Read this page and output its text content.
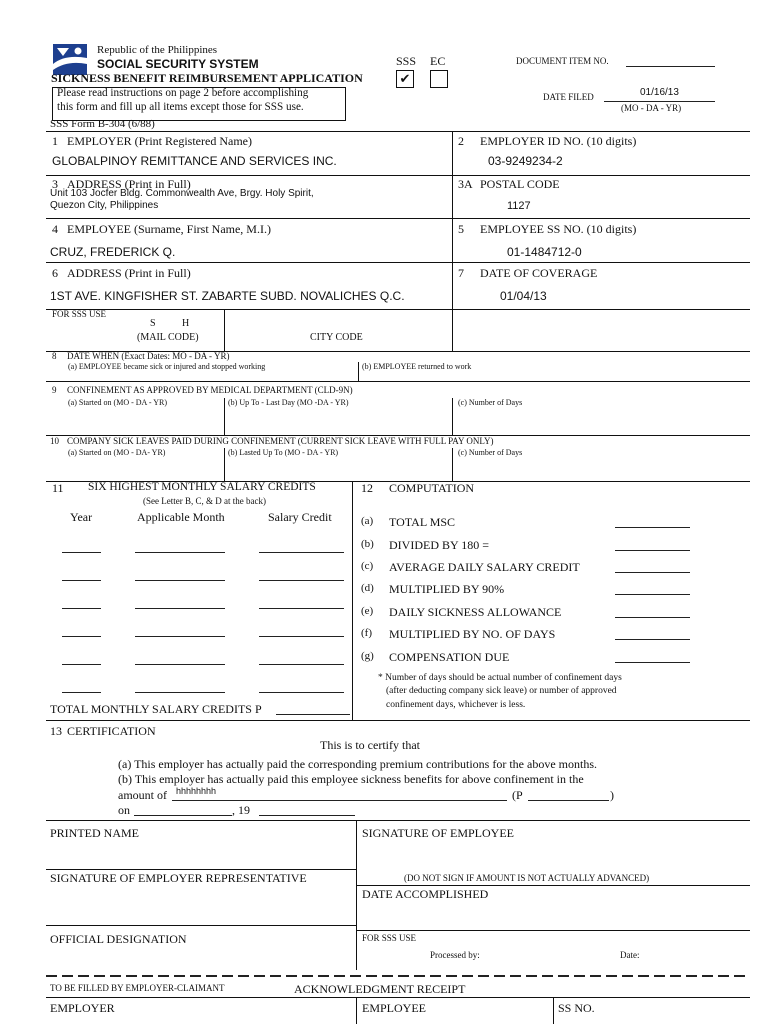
Republic of the Philippines
SOCIAL SECURITY SYSTEM
SICKNESS BENEFIT REIMBURSEMENT APPLICATION
SSS EC
✔
DOCUMENT ITEM NO.
Please read instructions on page 2 before accomplishing
this form and fill up all items except those for SSS use.
01/16/13
DATE FILED
(MO - DA - YR)
SSS Form B-304 (6/88)
1 EMPLOYER (Print Registered Name)
GLOBALPINOY REMITTANCE AND SERVICES INC.
2 EMPLOYER ID NO. (10 digits)
03-9249234-2
3 ADDRESS (Print in Full)
Unit 103 Jocfer Bldg. Commonwealth Ave, Brgy. Holy Spirit,
Quezon City, Philippines
3A POSTAL CODE
1127
4 EMPLOYEE (Surname, First Name, M.I.)
CRUZ, FREDERICK Q.
5 EMPLOYEE SS NO. (10 digits)
01-1484712-0
6 ADDRESS (Print in Full)
1ST AVE. KINGFISHER ST. ZABARTE SUBD. NOVALICHES Q.C.
7 DATE OF COVERAGE
01/04/13
FOR SSS USE
S	H
(MAIL CODE)	CITY CODE
8 DATE WHEN (Exact Dates: MO - DA - YR)
(a) EMPLOYEE became sick or injured and stopped working	(b) EMPLOYEE returned to work
9 CONFINEMENT AS APPROVED BY MEDICAL DEPARTMENT (CLD-9N)
(a) Started on (MO - DA - YR)	(b) Up To - Last Day (MO -DA - YR)	(c) Number of Days
10 COMPANY SICK LEAVES PAID DURING CONFINEMENT (CURRENT SICK LEAVE WITH FULL PAY ONLY)
(a) Started on (MO - DA- YR)	(b) Lasted Up To (MO - DA - YR)	(c) Number of Days
11 SIX HIGHEST MONTHLY SALARY CREDITS
(See Letter B, C, & D at the back)
Year	Applicable Month	Salary Credit
TOTAL MONTHLY SALARY CREDITS P
12 COMPUTATION
(a) TOTAL MSC
(b) DIVIDED BY 180 =
(c) AVERAGE DAILY SALARY CREDIT
(d) MULTIPLIED BY 90%
(e) DAILY SICKNESS ALLOWANCE
(f) MULTIPLIED BY NO. OF DAYS
(g) COMPENSATION DUE
* Number of days should be actual number of confinement days
(after deducting company sick leave) or number of approved
confinement days, whichever is less.
13 CERTIFICATION
This is to certify that
(a) This employer has actually paid the corresponding premium contributions for the above months.
(b) This employer has actually paid this employee sickness benefits for above confinement in the
amount of hhhhhhhh	(P	)
on	, 19
PRINTED NAME
SIGNATURE OF EMPLOYER REPRESENTATIVE
OFFICIAL DESIGNATION
SIGNATURE OF EMPLOYEE
(DO NOT SIGN IF AMOUNT IS NOT ACTUALLY ADVANCED)
DATE ACCOMPLISHED
FOR SSS USE
Processed by:	Date:
TO BE FILLED BY EMPLOYER-CLAIMANT	ACKNOWLEDGMENT RECEIPT
EMPLOYER	EMPLOYEE	SS NO.
